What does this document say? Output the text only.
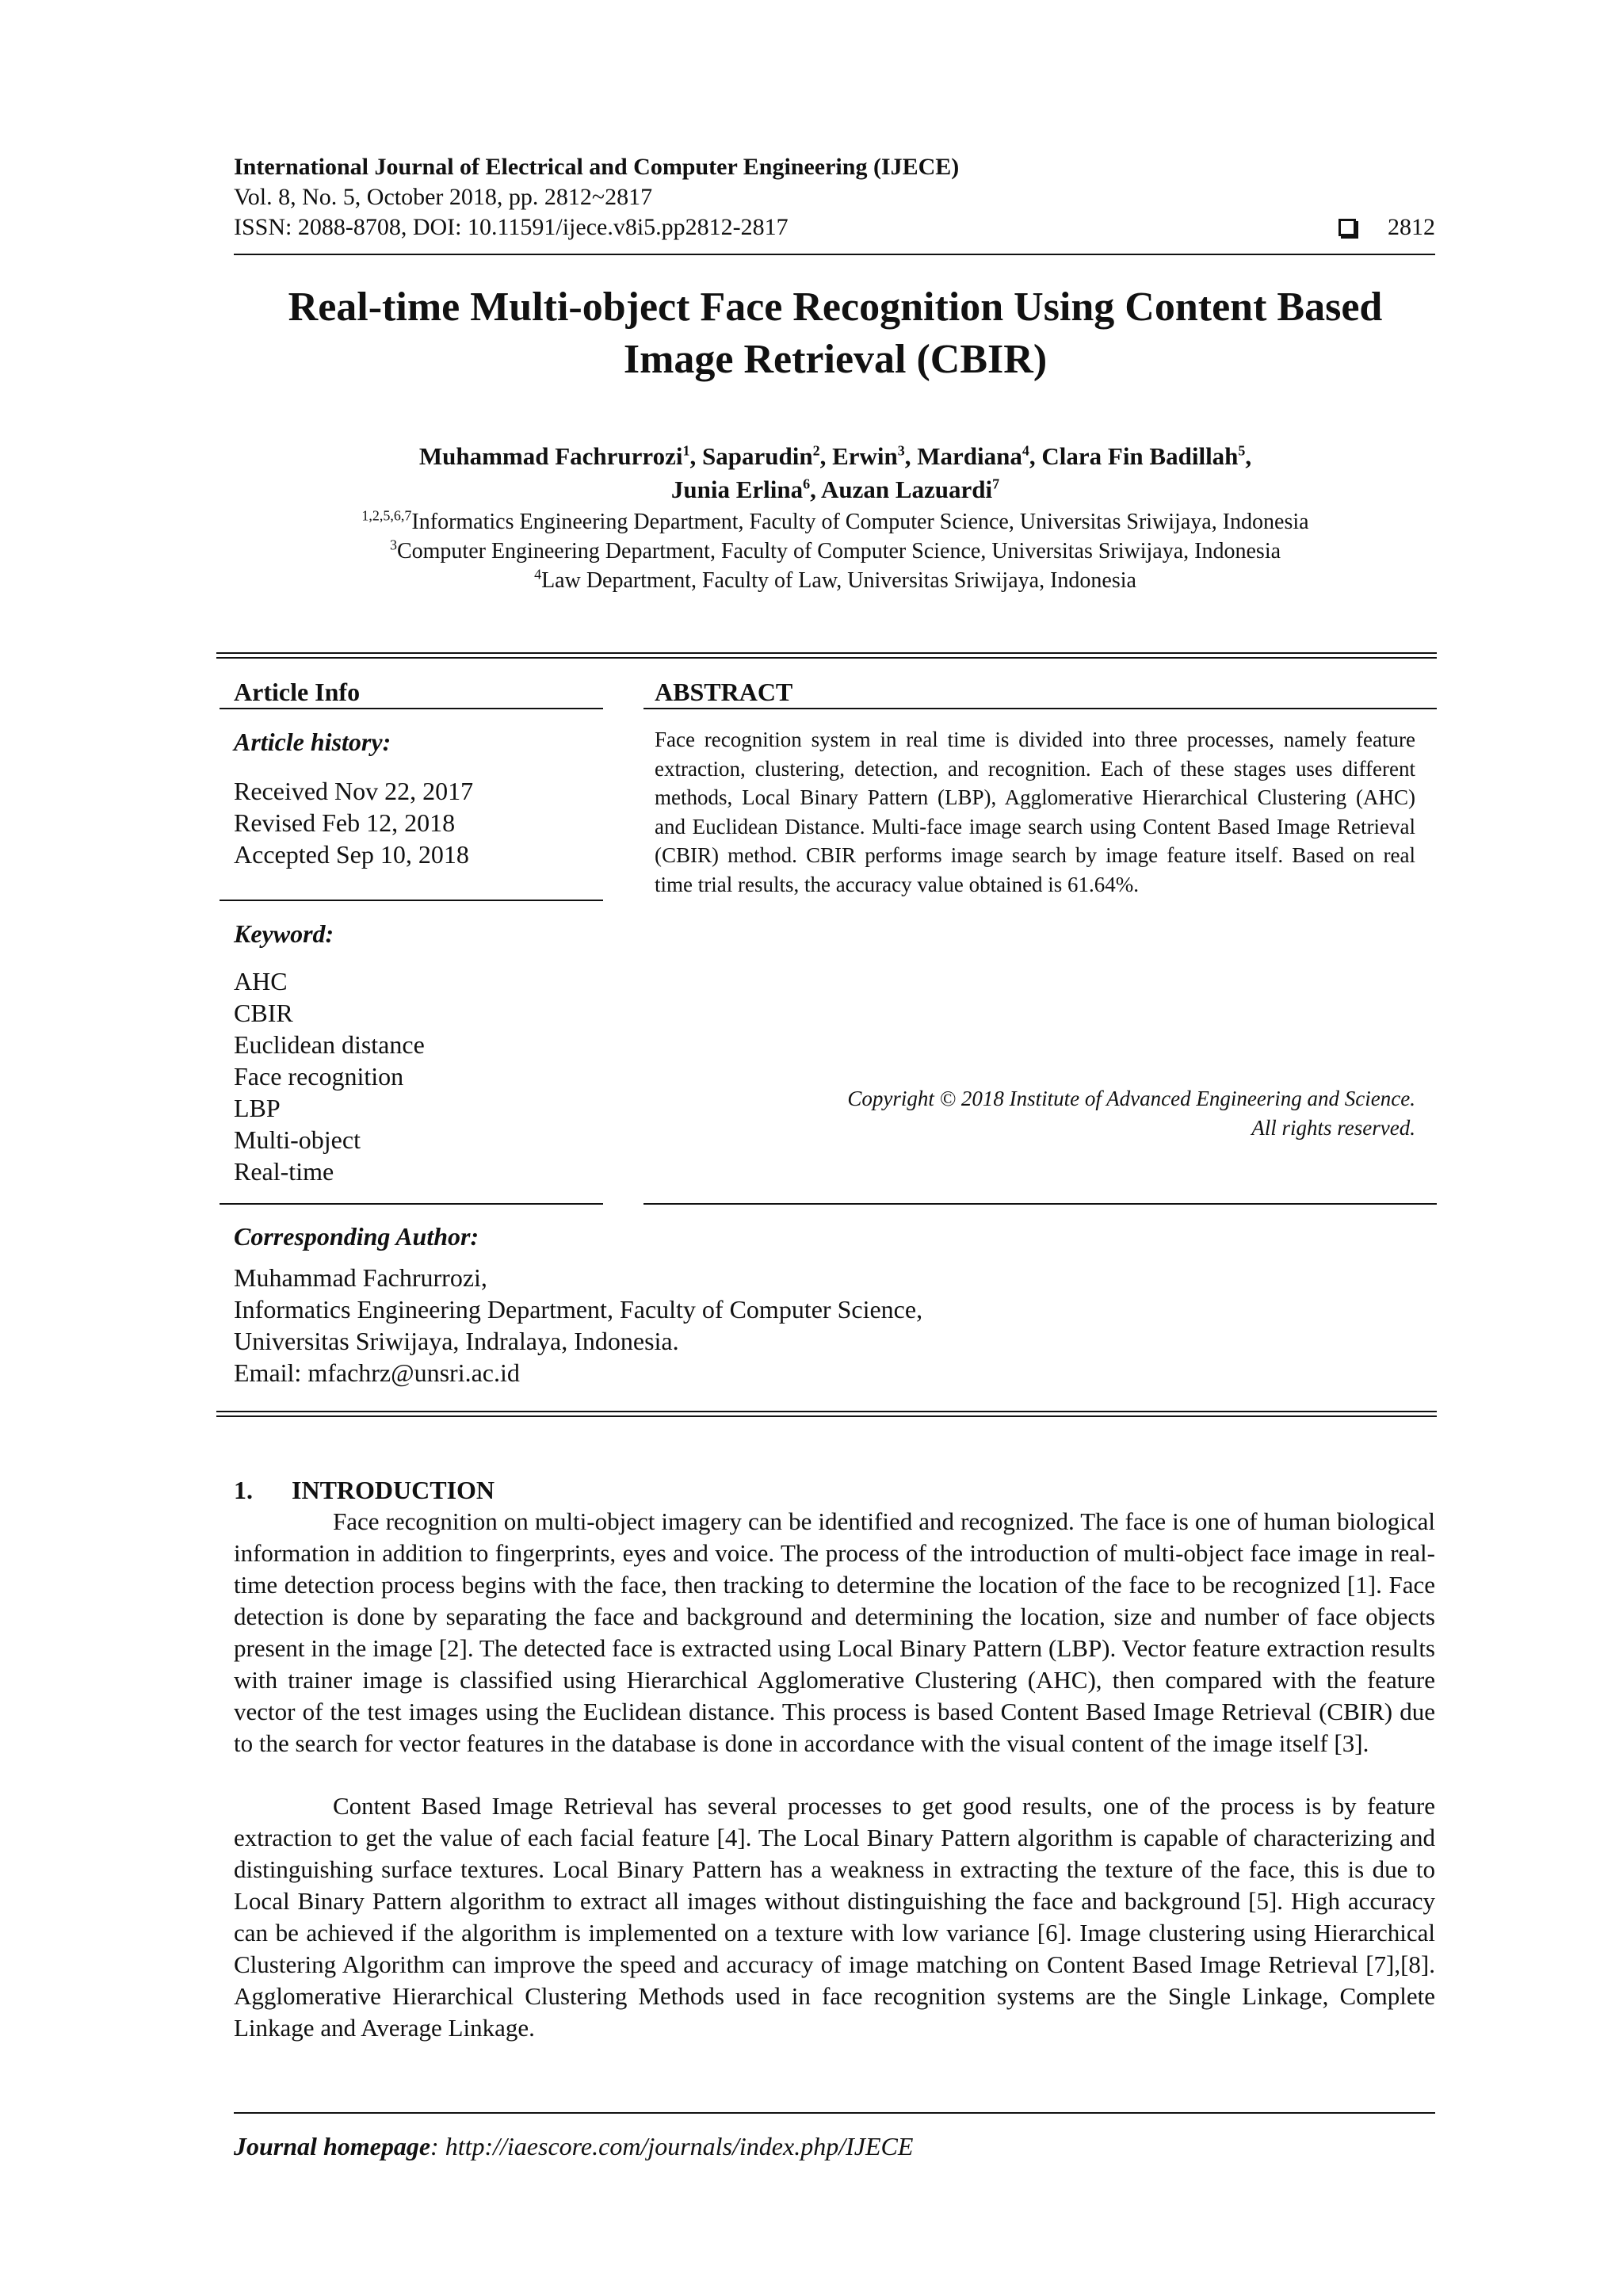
International Journal of Electrical and Computer Engineering (IJECE)
Vol. 8, No. 5, October 2018, pp. 2812~2817
ISSN: 2088-8708, DOI: 10.11591/ijece.v8i5.pp2812-2817	2812
Real-time Multi-object Face Recognition Using Content Based
Image Retrieval (CBIR)
Muhammad Fachrurrozi$^1$, Saparudin$^2$, Erwin$^3$, Mardiana$^4$, Clara Fin Badillah$^5$,
Junia Erlina$^6$, Auzan Lazuardi$^7$
$^{1,2,5,6,7}$Informatics Engineering Department, Faculty of Computer Science, Universitas Sriwijaya, Indonesia
$^3$Computer Engineering Department, Faculty of Computer Science, Universitas Sriwijaya, Indonesia
$^4$Law Department, Faculty of Law, Universitas Sriwijaya, Indonesia
Article Info
Article history:
Received Nov 22, 2017
Revised Feb 12, 2018
Accepted Sep 10, 2018
Keyword:
AHC
CBIR
Euclidean distance
Face recognition
LBP
Multi-object
Real-time
ABSTRACT
Face recognition system in real time is divided into three processes, namely feature extraction, clustering, detection, and recognition. Each of these stages uses different methods, Local Binary Pattern (LBP), Agglomerative Hierarchical Clustering (AHC) and Euclidean Distance. Multi-face image search using Content Based Image Retrieval (CBIR) method. CBIR performs image search by image feature itself. Based on real time trial results, the accuracy value obtained is 61.64%.
Copyright © 2018 Institute of Advanced Engineering and Science.
All rights reserved.
Corresponding Author:
Muhammad Fachrurrozi,
Informatics Engineering Department, Faculty of Computer Science,
Universitas Sriwijaya, Indralaya, Indonesia.
Email: mfachrz@unsri.ac.id
1. INTRODUCTION
Face recognition on multi-object imagery can be identified and recognized. The face is one of human biological information in addition to fingerprints, eyes and voice. The process of the introduction of multi-object face image in real-time detection process begins with the face, then tracking to determine the location of the face to be recognized [1]. Face detection is done by separating the face and background and determining the location, size and number of face objects present in the image [2]. The detected face is extracted using Local Binary Pattern (LBP). Vector feature extraction results with trainer image is classified using Hierarchical Agglomerative Clustering (AHC), then compared with the feature vector of the test images using the Euclidean distance. This process is based Content Based Image Retrieval (CBIR) due to the search for vector features in the database is done in accordance with the visual content of the image itself [3].
Content Based Image Retrieval has several processes to get good results, one of the process is by feature extraction to get the value of each facial feature [4]. The Local Binary Pattern algorithm is capable of characterizing and distinguishing surface textures. Local Binary Pattern has a weakness in extracting the texture of the face, this is due to Local Binary Pattern algorithm to extract all images without distinguishing the face and background [5]. High accuracy can be achieved if the algorithm is implemented on a texture with low variance [6]. Image clustering using Hierarchical Clustering Algorithm can improve the speed and accuracy of image matching on Content Based Image Retrieval [7],[8]. Agglomerative Hierarchical Clustering Methods used in face recognition systems are the Single Linkage, Complete Linkage and Average Linkage.
Journal homepage: http://iaescore.com/journals/index.php/IJECE
